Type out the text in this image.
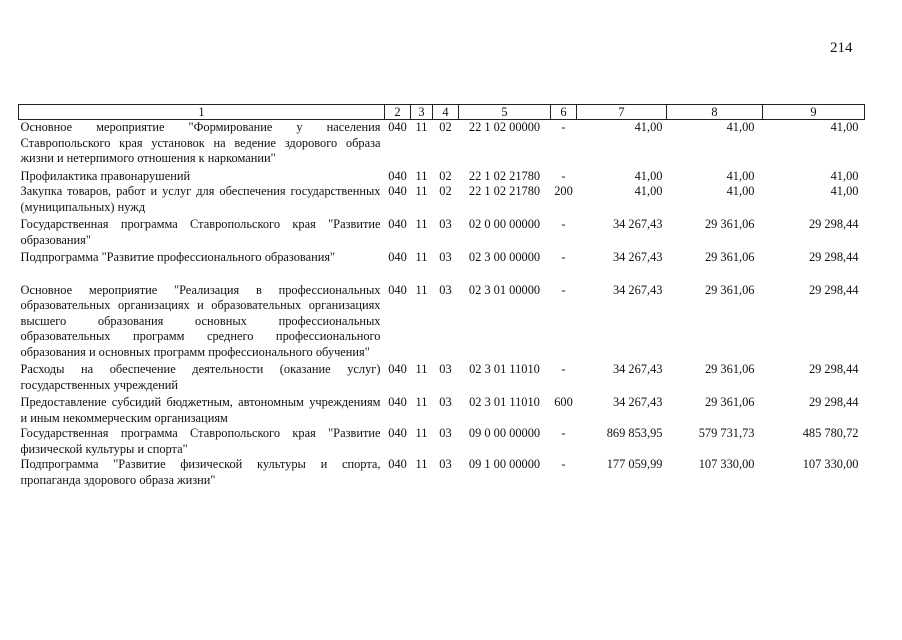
214
1	2	3	4	5	6	7	8	9
Основное мероприятие "Формирование у населения Ставропольского края установок на ведение здорового образа жизни и нетерпимого отношения к наркомании"	040	11	02	22 1 02 00000	-	41,00	41,00	41,00
Профилактика правонарушений	040	11	02	22 1 02 21780	-	41,00	41,00	41,00
Закупка товаров, работ и услуг для обеспечения государственных (муниципальных) нужд	040	11	02	22 1 02 21780	200	41,00	41,00	41,00
Государственная программа Ставропольского края "Развитие образования"	040	11	03	02 0 00 00000	-	34 267,43	29 361,06	29 298,44
Подпрограмма "Развитие профессионального образования"	040	11	03	02 3 00 00000	-	34 267,43	29 361,06	29 298,44
Основное мероприятие "Реализация в профессиональных образовательных организациях и образовательных организациях высшего образования основных профессиональных образовательных программ среднего профессионального образования и основных программ профессионального обучения"	040	11	03	02 3 01 00000	-	34 267,43	29 361,06	29 298,44
Расходы на обеспечение деятельности (оказание услуг) государственных учреждений	040	11	03	02 3 01 11010	-	34 267,43	29 361,06	29 298,44
Предоставление субсидий бюджетным, автономным учреждениям и иным некоммерческим организациям	040	11	03	02 3 01 11010	600	34 267,43	29 361,06	29 298,44
Государственная программа Ставропольского края "Развитие физической культуры и спорта"	040	11	03	09 0 00 00000	-	869 853,95	579 731,73	485 780,72
Подпрограмма "Развитие физической культуры и спорта, пропаганда здорового образа жизни"	040	11	03	09 1 00 00000	-	177 059,99	107 330,00	107 330,00
